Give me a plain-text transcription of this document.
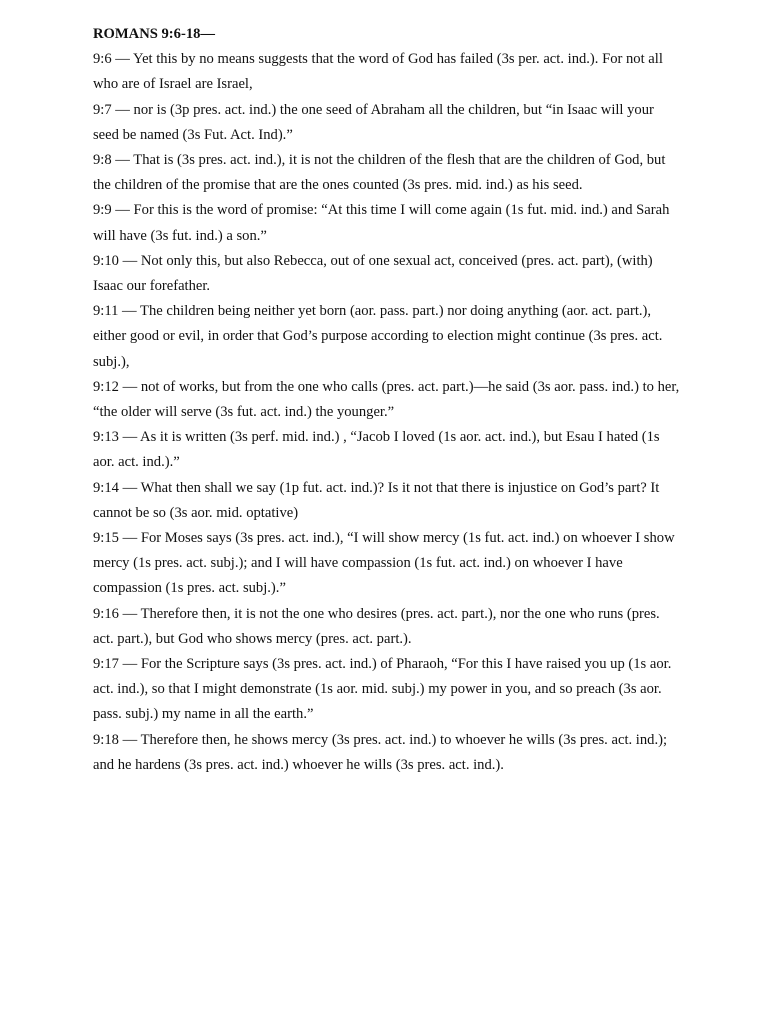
ROMANS 9:6-18—

9:6 — Yet this by no means suggests that the word of God has failed (3s per. act. ind.). For not all who are of Israel are Israel,

9:7 — nor is (3p pres. act. ind.) the one seed of Abraham all the children, but “in Isaac will your seed be named (3s Fut. Act. Ind).”

9:8 — That is (3s pres. act. ind.), it is not the children of the flesh that are the children of God, but the children of the promise that are the ones counted (3s pres. mid. ind.) as his seed.

9:9 — For this is the word of promise: “At this time I will come again (1s fut. mid. ind.) and Sarah will have (3s fut. ind.) a son.”

9:10 — Not only this, but also Rebecca, out of one sexual act, conceived (pres. act. part), (with) Isaac our forefather.

9:11 — The children being neither yet born (aor. pass. part.) nor doing anything (aor. act. part.), either good or evil, in order that God’s purpose according to election might continue (3s pres. act. subj.),

9:12 — not of works, but from the one who calls (pres. act. part.)—he said (3s aor. pass. ind.) to her, “the older will serve (3s fut. act. ind.) the younger.”

9:13 — As it is written (3s perf. mid. ind.) , “Jacob I loved (1s aor. act. ind.), but Esau I hated (1s aor. act. ind.).”

9:14 — What then shall we say (1p fut. act. ind.)? Is it not that there is injustice on God’s part? It cannot be so (3s aor. mid. optative)

9:15 — For Moses says (3s pres. act. ind.), “I will show mercy (1s fut. act. ind.) on whoever I show mercy (1s pres. act. subj.); and I will have compassion (1s fut. act. ind.) on whoever I have compassion (1s pres. act. subj.).”

9:16 — Therefore then, it is not the one who desires (pres. act. part.), nor the one who runs (pres. act. part.), but God who shows mercy (pres. act. part.).

9:17 — For the Scripture says (3s pres. act. ind.) of Pharaoh, “For this I have raised you up (1s aor. act. ind.), so that I might demonstrate (1s aor. mid. subj.) my power in you, and so preach (3s aor. pass. subj.) my name in all the earth.”

9:18 — Therefore then, he shows mercy (3s pres. act. ind.) to whoever he wills (3s pres. act. ind.); and he hardens (3s pres. act. ind.) whoever he wills (3s pres. act. ind.).
